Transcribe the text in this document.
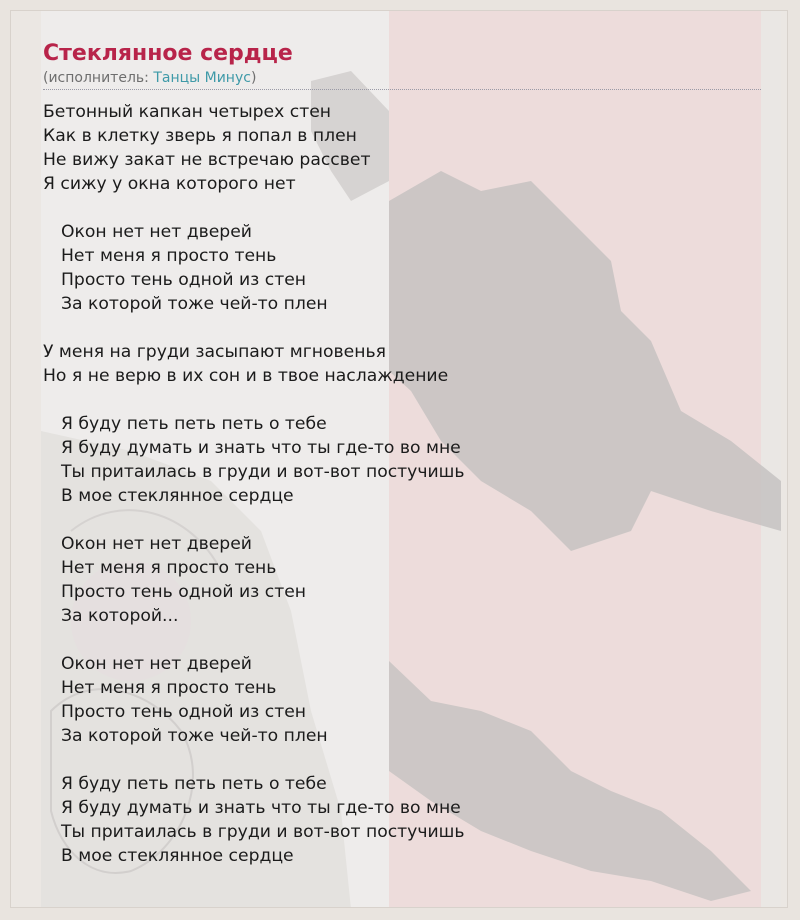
Стеклянное сердце
(исполнитель: Танцы Минус)
Бетонный капкан четырех стен
Как в клетку зверь я попал в плен
Не вижу закат не встречаю рассвет
Я сижу у окна которого нет
Окон нет нет дверей
Нет меня я просто тень
Просто тень одной из стен
За которой тоже чей-то плен
У меня на груди засыпают мгновенья
Но я не верю в их сон и в твое наслаждение
Я буду петь петь петь о тебе
Я буду думать и знать что ты где-то во мне
Ты притаилась в груди и вот-вот постучишь
В мое стеклянное сердце
Окон нет нет дверей
Нет меня я просто тень
Просто тень одной из стен
За которой...
Окон нет нет дверей
Нет меня я просто тень
Просто тень одной из стен
За которой тоже чей-то плен
Я буду петь петь петь о тебе
Я буду думать и знать что ты где-то во мне
Ты притаилась в груди и вот-вот постучишь
В мое стеклянное сердце
